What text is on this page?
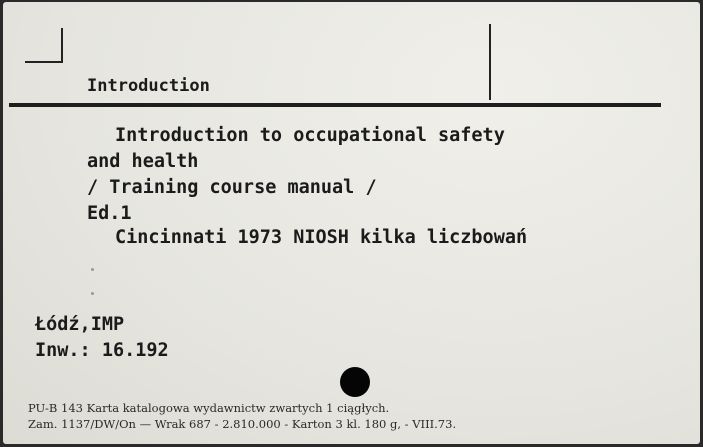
Introduction
Introduction to occupational safety
and health
/ Training course manual /
Ed.1
Cincinnati 1973 NIOSH kilka liczbowań
Łódź,IMP
Inw.: 16.192
PU-B 143 Karta katalogowa wydawnictw zwartych 1 ciągłych.
Zam. 1137/DW/On — Wrak 687 - 2.810.000 - Karton 3 kl. 180 g, - VIII.73.
